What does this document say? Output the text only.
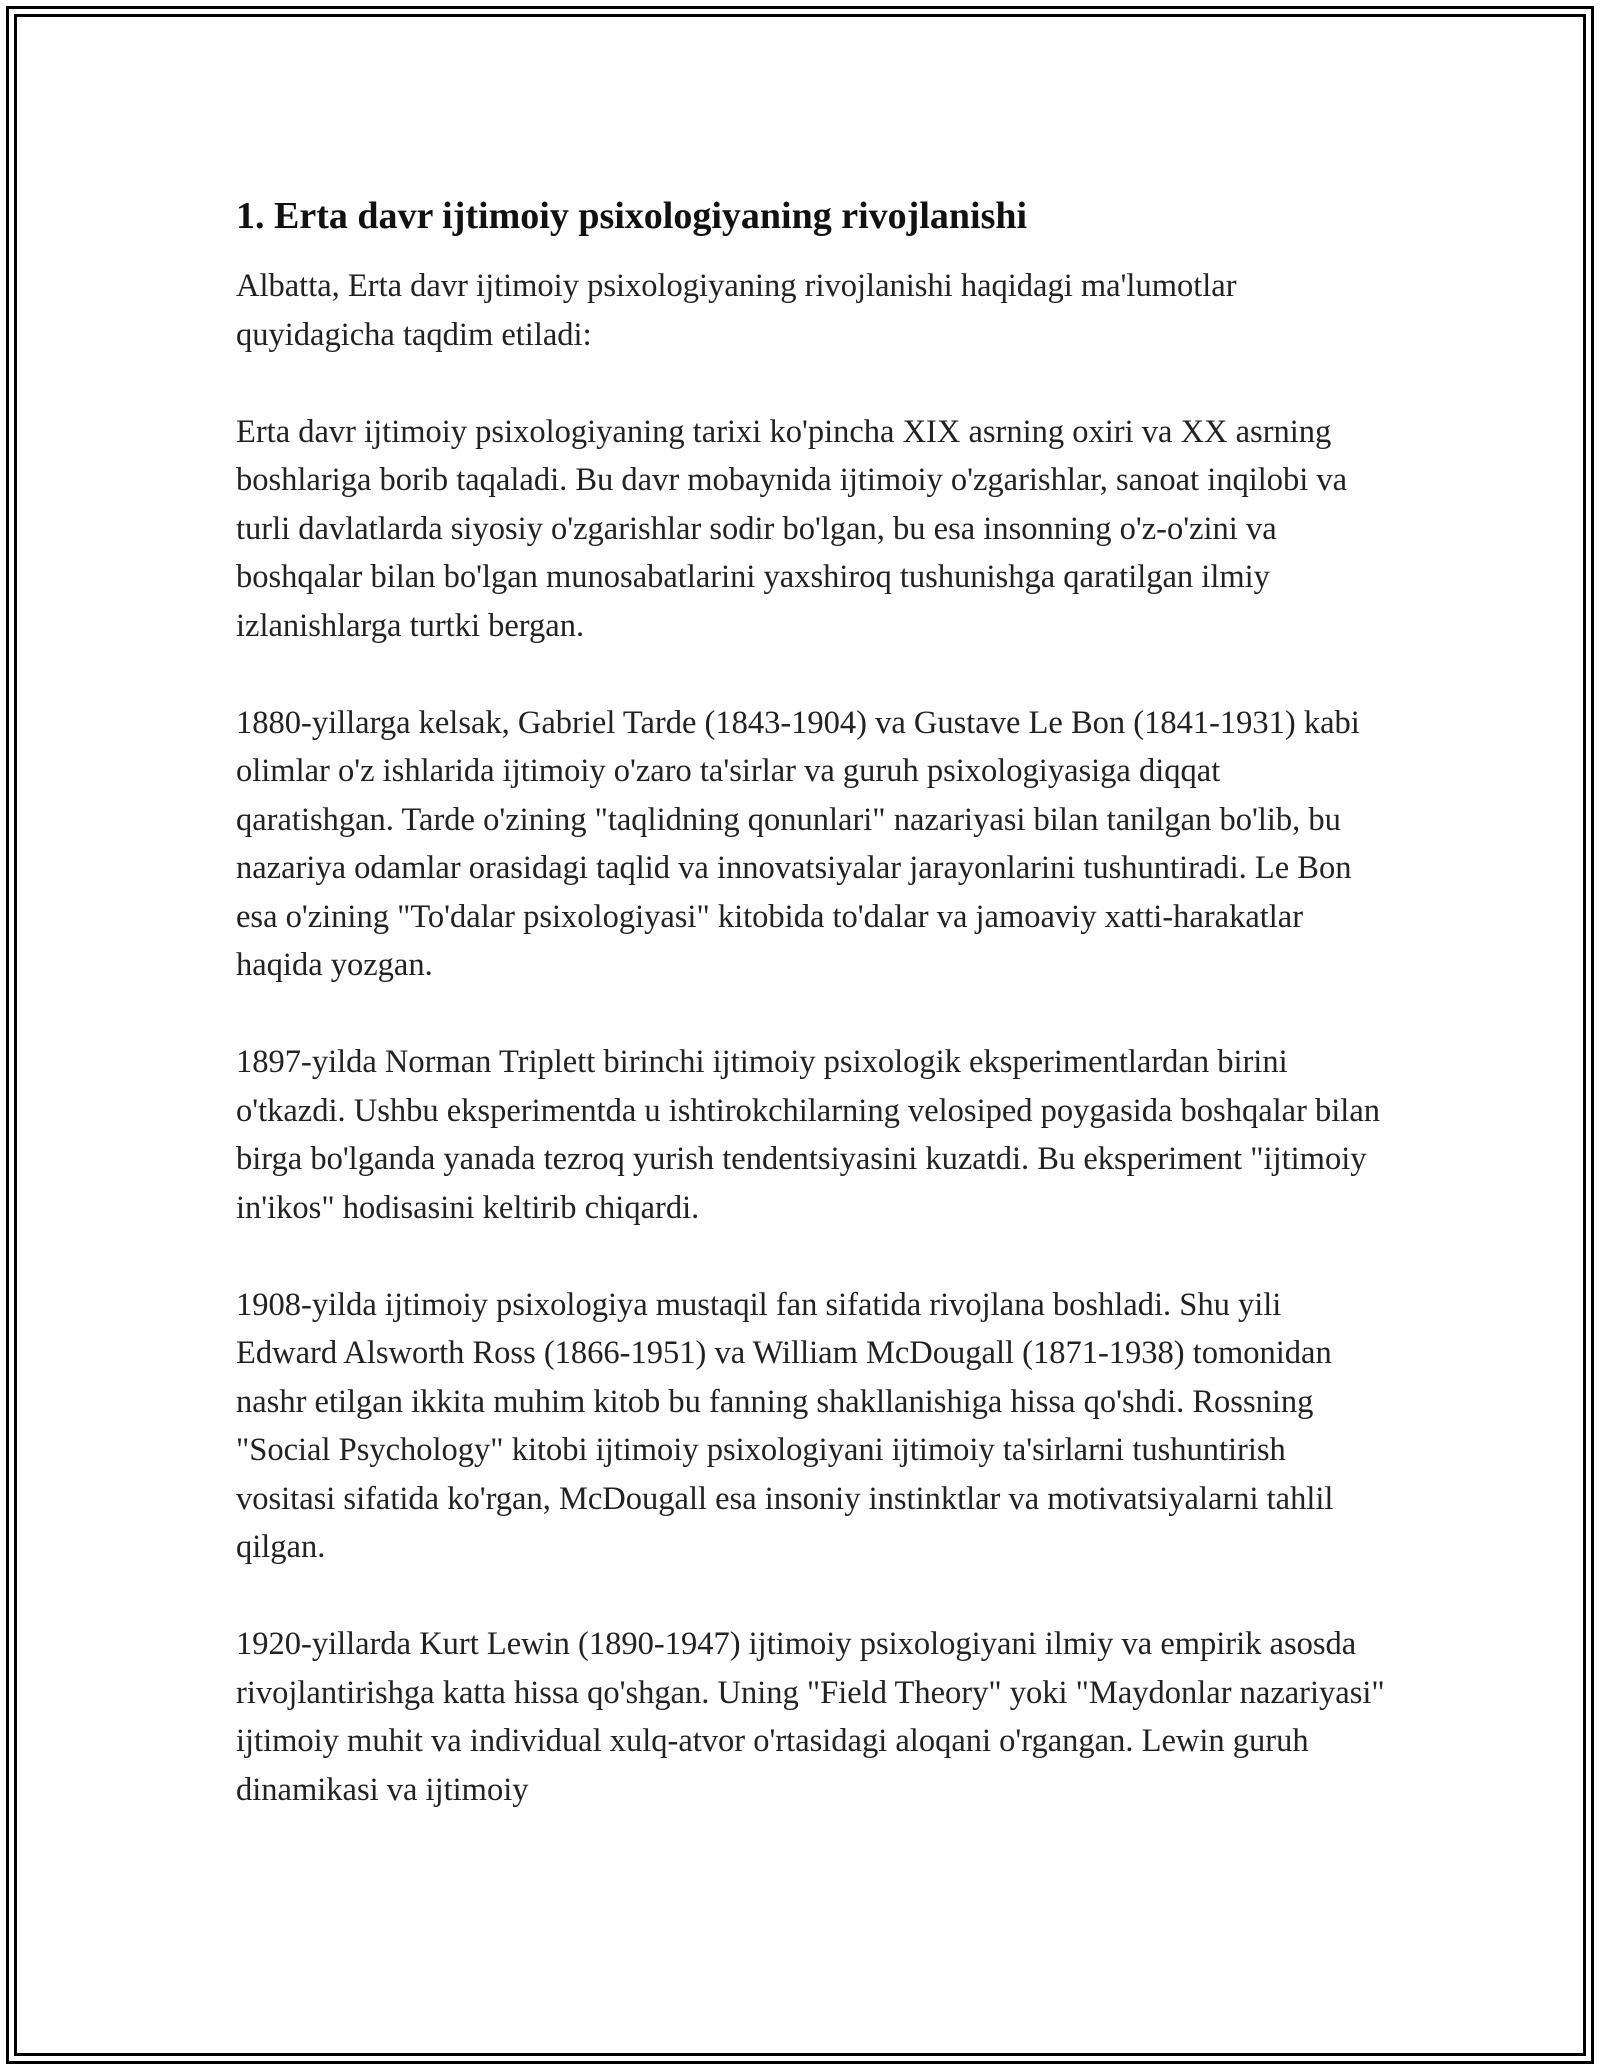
1. Erta davr ijtimoiy psixologiyaning rivojlanishi

Albatta, Erta davr ijtimoiy psixologiyaning rivojlanishi haqidagi ma'lumotlar quyidagicha taqdim etiladi:

Erta davr ijtimoiy psixologiyaning tarixi ko'pincha XIX asrning oxiri va XX asrning boshlariga borib taqaladi. Bu davr mobaynida ijtimoiy o'zgarishlar, sanoat inqilobi va turli davlatlarda siyosiy o'zgarishlar sodir bo'lgan, bu esa insonning o'z-o'zini va boshqalar bilan bo'lgan munosabatlarini yaxshiroq tushunishga qaratilgan ilmiy izlanishlarga turtki bergan.

1880-yillarga kelsak, Gabriel Tarde (1843-1904) va Gustave Le Bon (1841-1931) kabi olimlar o'z ishlarida ijtimoiy o'zaro ta'sirlar va guruh psixologiyasiga diqqat qaratishgan. Tarde o'zining "taqlidning qonunlari" nazariyasi bilan tanilgan bo'lib, bu nazariya odamlar orasidagi taqlid va innovatsiyalar jarayonlarini tushuntiradi. Le Bon esa o'zining "To'dalar psixologiyasi" kitobida to'dalar va jamoaviy xatti-harakatlar haqida yozgan.

1897-yilda Norman Triplett birinchi ijtimoiy psixologik eksperimentlardan birini o'tkazdi. Ushbu eksperimentda u ishtirokchilarning velosiped poygasida boshqalar bilan birga bo'lganda yanada tezroq yurish tendentsiyasini kuzatdi. Bu eksperiment "ijtimoiy in'ikos" hodisasini keltirib chiqardi.

1908-yilda ijtimoiy psixologiya mustaqil fan sifatida rivojlana boshladi. Shu yili Edward Alsworth Ross (1866-1951) va William McDougall (1871-1938) tomonidan nashr etilgan ikkita muhim kitob bu fanning shakllanishiga hissa qo'shdi. Rossning "Social Psychology" kitobi ijtimoiy psixologiyani ijtimoiy ta'sirlarni tushuntirish vositasi sifatida ko'rgan, McDougall esa insoniy instinktlar va motivatsiyalarni tahlil qilgan.

1920-yillarda Kurt Lewin (1890-1947) ijtimoiy psixologiyani ilmiy va empirik asosda rivojlantirishga katta hissa qo'shgan. Uning "Field Theory" yoki "Maydonlar nazariyasi" ijtimoiy muhit va individual xulq-atvor o'rtasidagi aloqani o'rgangan. Lewin guruh dinamikasi va ijtimoiy
